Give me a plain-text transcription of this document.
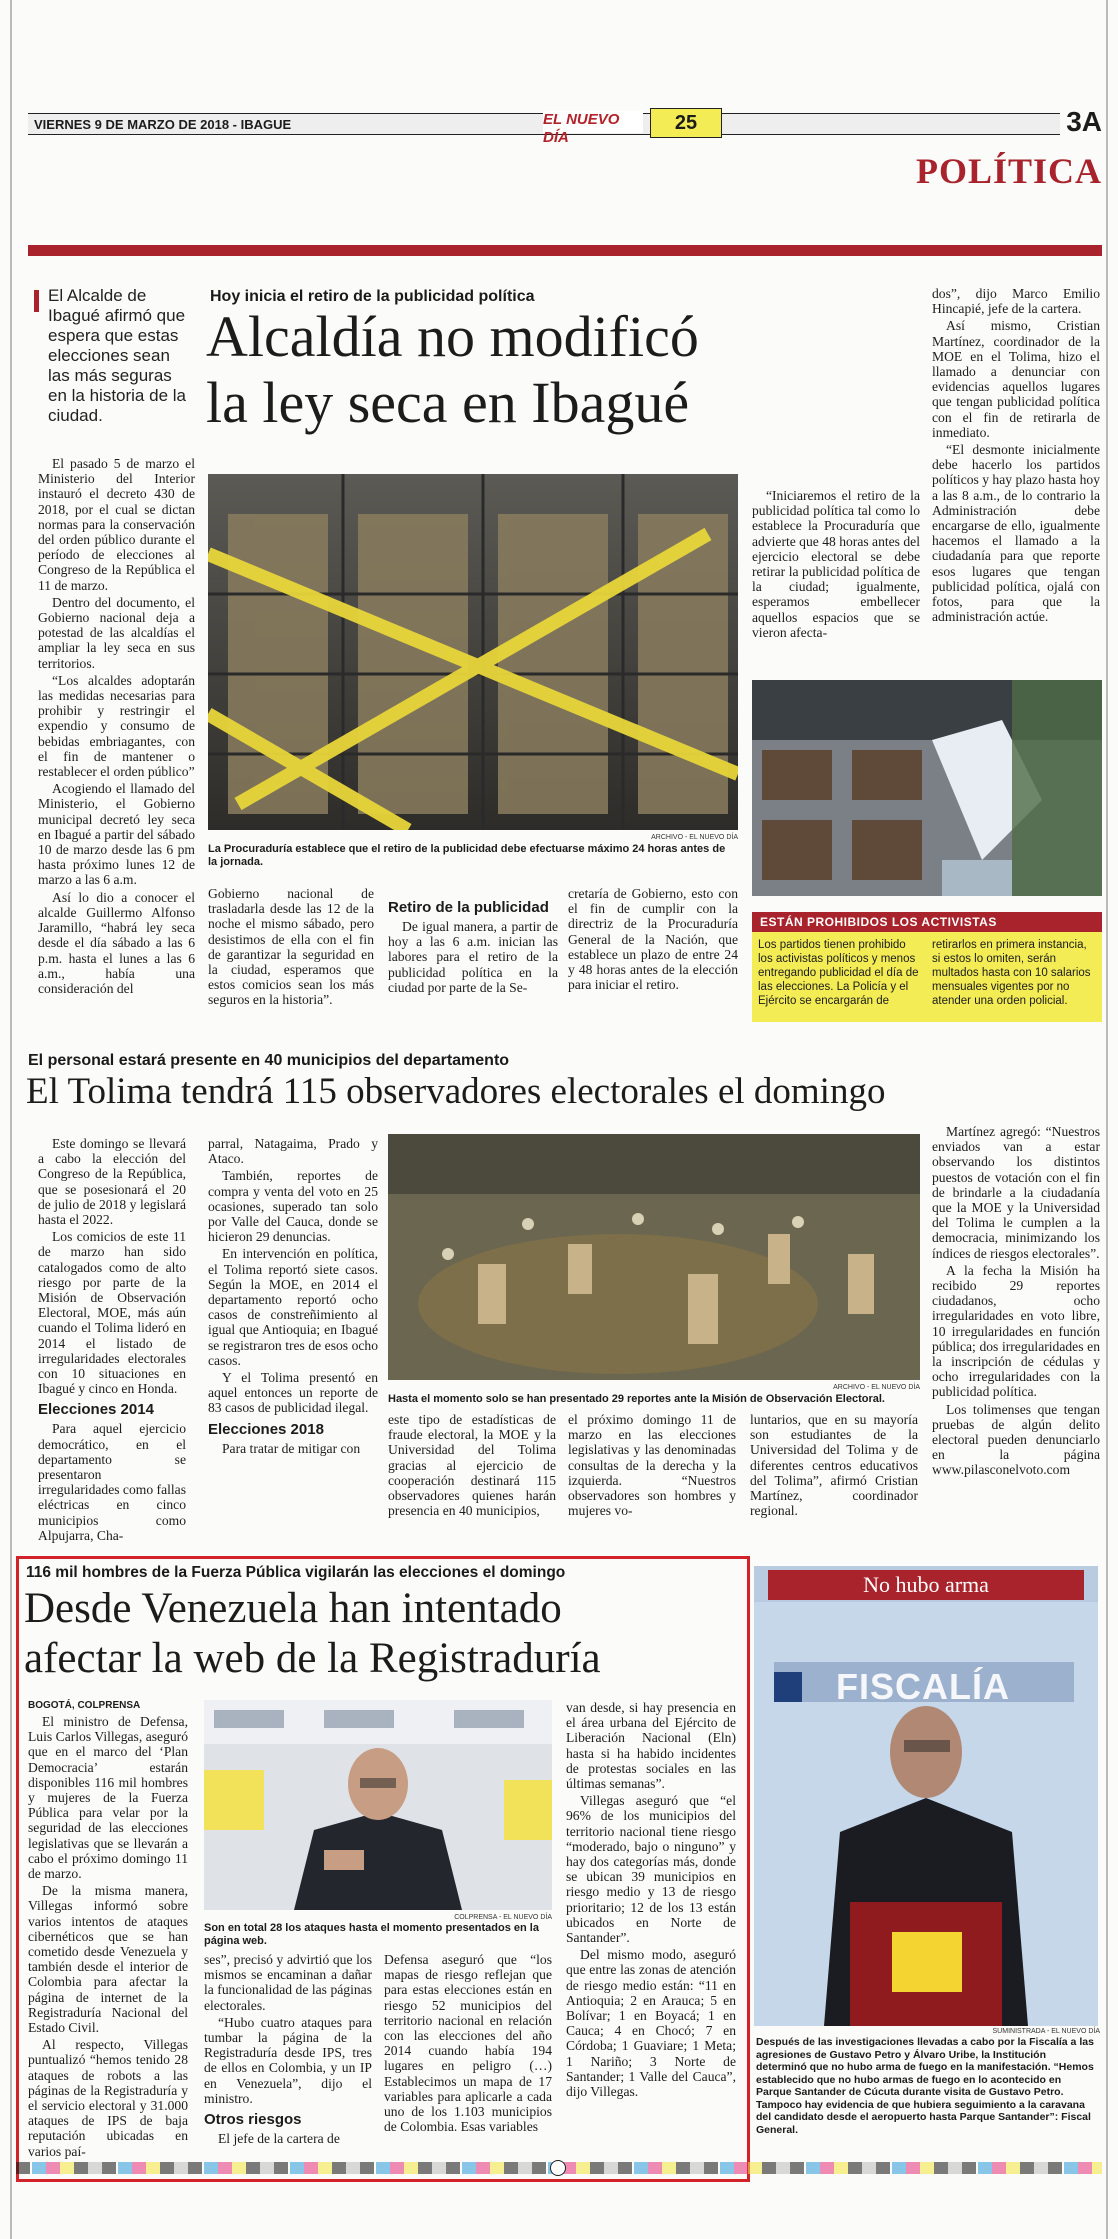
VIERNES 9 DE MARZO DE 2018 - IBAGUE	EL NUEVO DÍA
25	3A
POLÍTICA
El Alcalde de Ibagué afirmó que espera que estas elecciones sean las más seguras en la historia de la ciudad.

El pasado 5 de marzo el Ministerio del Interior instauró el decreto 430 de 2018, por el cual se dictan normas para la conservación del orden público durante el período de elecciones al Congreso de la República el 11 de marzo.

Dentro del documento, el Gobierno nacional deja a potestad de las alcaldías el ampliar la ley seca en sus territorios.

“Los alcaldes adoptarán las medidas necesarias para prohibir y restringir el expendio y consumo de bebidas embriagantes, con el fin de mantener o restablecer el orden público”

Acogiendo el llamado del Ministerio, el Gobierno municipal decretó ley seca en Ibagué a partir del sábado 10 de marzo desde las 6 pm hasta próximo lunes 12 de marzo a las 6 a.m.

Así lo dio a conocer el alcalde Guillermo Alfonso Jaramillo, “habrá ley seca desde el día sábado a las 6 p.m. hasta el lunes a las 6 a.m., había una consideración del

Hoy inicia el retiro de la publicidad política
Alcaldía no modificó
la ley seca en Ibagué
ARCHIVO - EL NUEVO DÍA
La Procuraduría establece que el retiro de la publicidad debe efectuarse máximo 24 horas antes de la jornada.
Gobierno nacional de trasladarla desde las 12 de la noche el mismo sábado, pero desistimos de ella con el fin de garantizar la seguridad en la ciudad, esperamos que estos comicios sean los más seguros en la historia”.
Retiro de la publicidad
De igual manera, a partir de hoy a las 6 a.m. inician las labores para el retiro de la publicidad política en la ciudad por parte de la Se-
cretaría de Gobierno, esto con el fin de cumplir con la directriz de la Procuraduría General de la Nación, que establece un plazo de entre 24 y 48 horas antes de la elección para iniciar el retiro.
“Iniciaremos el retiro de la publicidad política tal como lo establece la Procuraduría que advierte que 48 horas antes del ejercicio electoral se debe retirar la publicidad política de la ciudad; igualmente, esperamos embellecer aquellos espacios que se vieron afecta-

dos”, dijo Marco Emilio Hincapié, jefe de la cartera.

Así mismo, Cristian Martínez, coordinador de la MOE en el Tolima, hizo el llamado a denunciar con evidencias aquellos lugares que tengan publicidad política con el fin de retirarla de inmediato.

“El desmonte inicialmente debe hacerlo los partidos políticos y hay plazo hasta hoy a las 8 a.m., de lo contrario la Administración debe encargarse de ello, igualmente hacemos el llamado a la ciudadanía para que reporte esos lugares que tengan publicidad política, ojalá con fotos, para que la administración actúe.

ESTÁN PROHIBIDOS LOS ACTIVISTAS
Los partidos tienen prohibido los activistas políticos y menos entregando publicidad el día de las elecciones. La Policía y el Ejército se encargarán de
retirarlos en primera instancia, si estos lo omiten, serán multados hasta con 10 salarios mensuales vigentes por no atender una orden policial.
El personal estará presente en 40 municipios del departamento
El Tolima tendrá 115 observadores electorales el domingo

Este domingo se llevará a cabo la elección del Congreso de la República, que se posesionará el 20 de julio de 2018 y legislará hasta el 2022.

Los comicios de este 11 de marzo han sido catalogados como de alto riesgo por parte de la Misión de Observación Electoral, MOE, más aún cuando el Tolima lideró en 2014 el listado de irregularidades electorales con 10 situaciones en Ibagué y cinco en Honda.

Elecciones 2014

Para aquel ejercicio democrático, en el departamento se presentaron irregularidades como fallas eléctricas en cinco municipios como Alpujarra, Cha-

parral, Natagaima, Prado y Ataco.

También, reportes de compra y venta del voto en 25 ocasiones, superado tan solo por Valle del Cauca, donde se hicieron 29 denuncias.

En intervención en política, el Tolima reportó siete casos. Según la MOE, en 2014 el departamento reportó ocho casos de constreñimiento al igual que Antioquia; en Ibagué se registraron tres de esos ocho casos.

Y el Tolima presentó en aquel entonces un reporte de 83 casos de publicidad ilegal.

Elecciones 2018

Para tratar de mitigar con

ARCHIVO - EL NUEVO DÍA
Hasta el momento solo se han presentado 29 reportes ante la Misión de Observación Electoral.
este tipo de estadísticas de fraude electoral, la MOE y la Universidad del Tolima gracias al ejercicio de cooperación destinará 115 observadores quienes harán presencia en 40 municipios,
el próximo domingo 11 de marzo en las elecciones legislativas y las denominadas consultas de la derecha y la izquierda. “Nuestros observadores son hombres y mujeres vo-
luntarios, que en su mayoría son estudiantes de la Universidad del Tolima y de diferentes centros educativos del Tolima”, afirmó Cristian Martínez, coordinador regional.

Martínez agregó: “Nuestros enviados van a estar observando los distintos puestos de votación con el fin de brindarle a la ciudadanía que la MOE y la Universidad del Tolima le cumplen a la democracia, minimizando los índices de riesgos electorales”.

A la fecha la Misión ha recibido 29 reportes ciudadanos, ocho irregularidades en voto libre, 10 irregularidades en función pública; dos irregularidades en la inscripción de cédulas y ocho irregularidades con la publicidad política.

Los tolimenses que tengan pruebas de algún delito electoral pueden denunciarlo en la página www.pilasconelvoto.com

116 mil hombres de la Fuerza Pública vigilarán las elecciones el domingo
Desde Venezuela han intentado
afectar la web de la Registraduría
BOGOTÁ, COLPRENSA

El ministro de Defensa, Luis Carlos Villegas, aseguró que en el marco del ‘Plan Democracia’ estarán disponibles 116 mil hombres y mujeres de la Fuerza Pública para velar por la seguridad de las elecciones legislativas que se llevarán a cabo el próximo domingo 11 de marzo.

De la misma manera, Villegas informó sobre varios intentos de ataques cibernéticos que se han cometido desde Venezuela y también desde el interior de Colombia para afectar la página de internet de la Registraduría Nacional del Estado Civil.

Al respecto, Villegas puntualizó “hemos tenido 28 ataques de robots a las páginas de la Registraduría y el servicio electoral y 31.000 ataques de IPS de baja reputación ubicadas en varios paí-

COLPRENSA - EL NUEVO DÍA
Son en total 28 los ataques hasta el momento presentados en la página web.

ses”, precisó y advirtió que los mismos se encaminan a dañar la funcionalidad de las páginas electorales.

“Hubo cuatro ataques para tumbar la página de la Registraduría desde IPS, tres de ellos en Colombia, y un IP en Venezuela”, dijo el ministro.

Otros riesgos

El jefe de la cartera de

Defensa aseguró que “los mapas de riesgo reflejan que para estas elecciones están en riesgo 52 municipios del territorio nacional en relación con las elecciones del año 2014 cuando había 194 lugares en peligro (…) Establecimos un mapa de 17 variables para aplicarle a cada uno de los 1.103 municipios de Colombia. Esas variables

van desde, si hay presencia en el área urbana del Ejército de Liberación Nacional (Eln) hasta si ha habido incidentes de protestas sociales en las últimas semanas”.

Villegas aseguró que “el 96% de los municipios del territorio nacional tiene riesgo “moderado, bajo o ninguno” y hay dos categorías más, donde se ubican 39 municipios en riesgo medio y 13 de riesgo prioritario; 12 de los 13 están ubicados en Norte de Santander”.

Del mismo modo, aseguró que entre las zonas de atención de riesgo medio están: “11 en Antioquia; 2 en Arauca; 5 en Bolívar; 1 en Boyacá; 1 en Cauca; 4 en Chocó; 7 en Córdoba; 1 Guaviare; 1 Meta; 1 Nariño; 3 Norte de Santander; 1 Valle del Cauca”, dijo Villegas.

No hubo arma
FISCALÍA
SUMINISTRADA - EL NUEVO DÍA
Después de las investigaciones llevadas a cabo por la Fiscalía a las agresiones de Gustavo Petro y Álvaro Uribe, la Institución determinó que no hubo arma de fuego en la manifestación. “Hemos establecido que no hubo armas de fuego en lo acontecido en Parque Santander de Cúcuta durante visita de Gustavo Petro. Tampoco hay evidencia de que hubiera seguimiento a la caravana del candidato desde el aeropuerto hasta Parque Santander”: Fiscal General.
